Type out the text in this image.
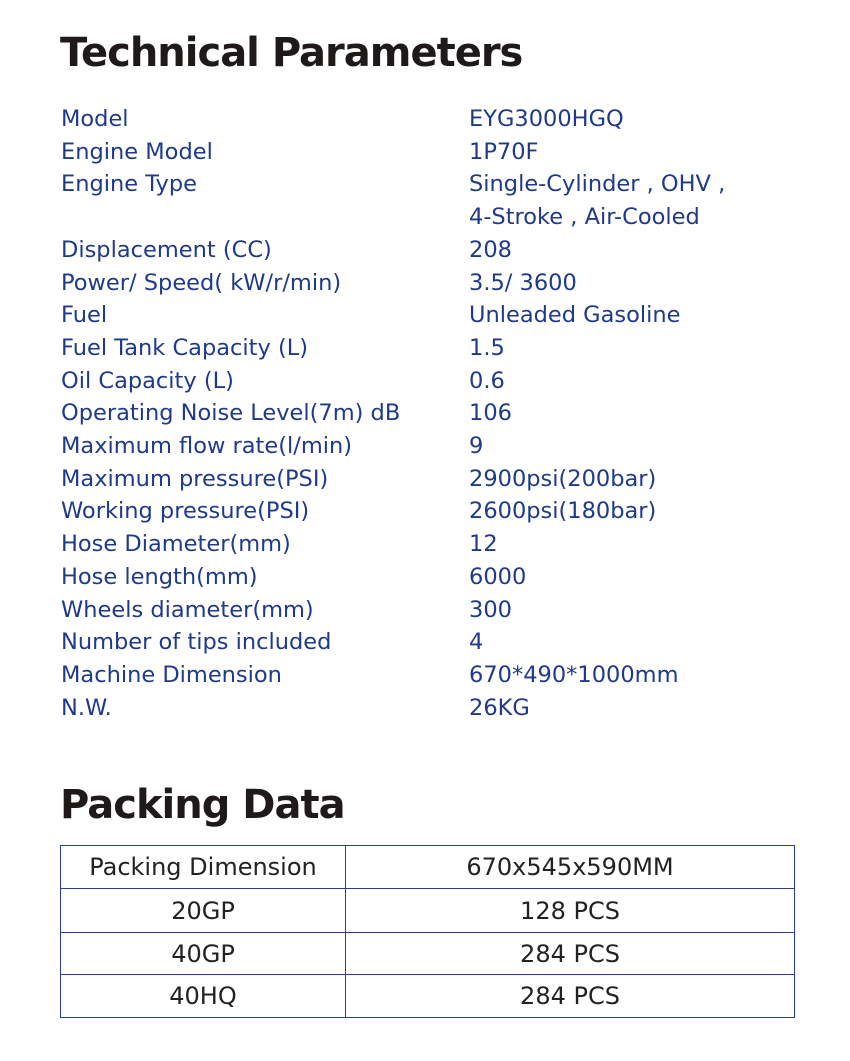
Technical Parameters
Model	EYG3000HGQ
Engine Model	1P70F
Engine Type	Single-Cylinder , OHV ,
4-Stroke , Air-Cooled
Displacement (CC)	208
Power/ Speed( kW/r/min)	3.5/ 3600
Fuel	Unleaded Gasoline
Fuel Tank Capacity (L)	1.5
Oil Capacity (L)	0.6
Operating Noise Level(7m) dB	106
Maximum flow rate(l/min)	9
Maximum pressure(PSI)	2900psi(200bar)
Working pressure(PSI)	2600psi(180bar)
Hose Diameter(mm)	12
Hose length(mm)	6000
Wheels diameter(mm)	300
Number of tips included	4
Machine Dimension	670*490*1000mm
N.W.	26KG
Packing Data
Packing Dimension	670x545x590MM
20GP	128 PCS
40GP	284 PCS
40HQ	284 PCS
